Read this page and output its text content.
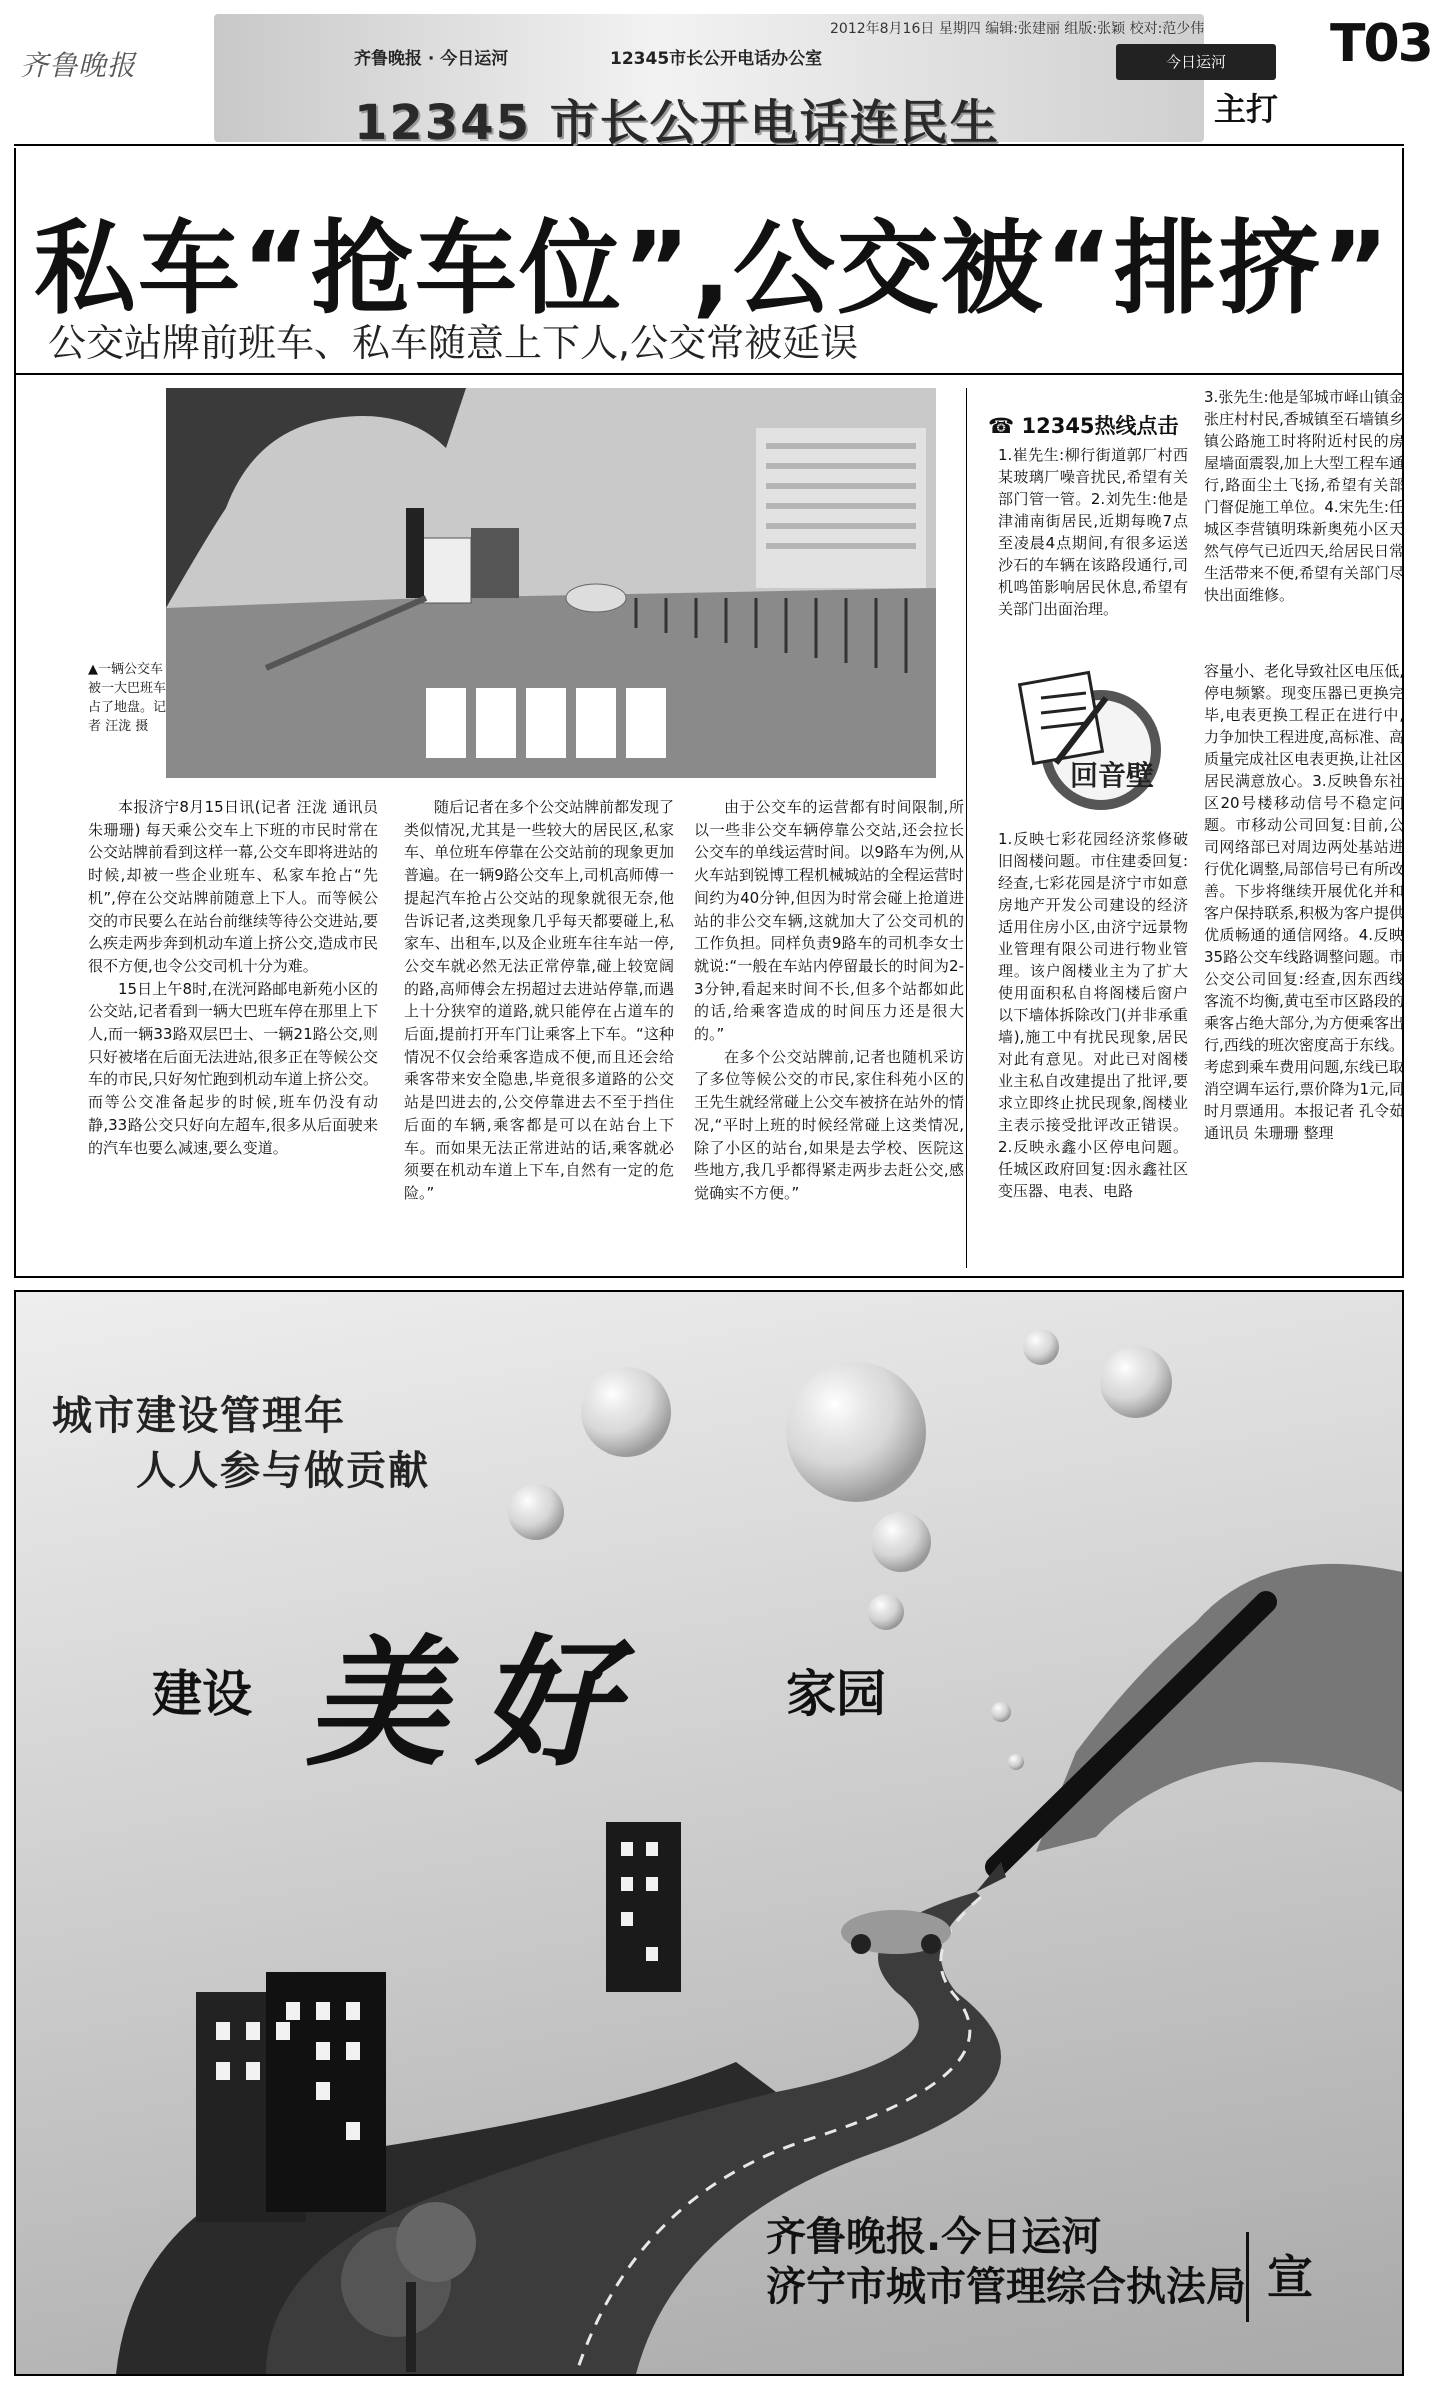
齐鲁晚报	齐鲁晚报 · 今日运河	12345市长公开电话办公室
12345 市长公开电话连民生
2012年8月16日 星期四 编辑:张建丽 组版:张颖 校对:范少伟
今日运河
主打
T03
私车“抢车位”,公交被“排挤”
公交站牌前班车、私车随意上下人,公交常被延误
▲一辆公交车被一大巴班车占了地盘。记者 汪泷 摄

本报济宁8月15日讯(记者 汪泷 通讯员 朱珊珊) 每天乘公交车上下班的市民时常在公交站牌前看到这样一幕,公交车即将进站的时候,却被一些企业班车、私家车抢占“先机”,停在公交站牌前随意上下人。而等候公交的市民要么在站台前继续等待公交进站,要么疾走两步奔到机动车道上挤公交,造成市民很不方便,也令公交司机十分为难。

15日上午8时,在洸河路邮电新苑小区的公交站,记者看到一辆大巴班车停在那里上下人,而一辆33路双层巴士、一辆21路公交,则只好被堵在后面无法进站,很多正在等候公交车的市民,只好匆忙跑到机动车道上挤公交。而等公交准备起步的时候,班车仍没有动静,33路公交只好向左超车,很多从后面驶来的汽车也要么减速,要么变道。

随后记者在多个公交站牌前都发现了类似情况,尤其是一些较大的居民区,私家车、单位班车停靠在公交站前的现象更加普遍。在一辆9路公交车上,司机高师傅一提起汽车抢占公交站的现象就很无奈,他告诉记者,这类现象几乎每天都要碰上,私家车、出租车,以及企业班车往车站一停,公交车就必然无法正常停靠,碰上较宽阔的路,高师傅会左拐超过去进站停靠,而遇上十分狭窄的道路,就只能停在占道车的后面,提前打开车门让乘客上下车。“这种情况不仅会给乘客造成不便,而且还会给乘客带来安全隐患,毕竟很多道路的公交站是凹进去的,公交停靠进去不至于挡住后面的车辆,乘客都是可以在站台上下车。而如果无法正常进站的话,乘客就必须要在机动车道上下车,自然有一定的危险。”

由于公交车的运营都有时间限制,所以一些非公交车辆停靠公交站,还会拉长公交车的单线运营时间。以9路车为例,从火车站到锐博工程机械城站的全程运营时间约为40分钟,但因为时常会碰上抢道进站的非公交车辆,这就加大了公交司机的工作负担。同样负责9路车的司机李女士就说:“一般在车站内停留最长的时间为2-3分钟,看起来时间不长,但多个站都如此的话,给乘客造成的时间压力还是很大的。”

在多个公交站牌前,记者也随机采访了多位等候公交的市民,家住科苑小区的王先生就经常碰上公交车被挤在站外的情况,“平时上班的时候经常碰上这类情况,除了小区的站台,如果是去学校、医院这些地方,我几乎都得紧走两步去赶公交,感觉确实不方便。”

☎ 12345热线点击
1.崔先生:柳行街道郭厂村西某玻璃厂噪音扰民,希望有关部门管一管。2.刘先生:他是津浦南街居民,近期每晚7点至凌晨4点期间,有很多运送沙石的车辆在该路段通行,司机鸣笛影响居民休息,希望有关部门出面治理。
3.张先生:他是邹城市峄山镇金张庄村村民,香城镇至石墙镇乡镇公路施工时将附近村民的房屋墙面震裂,加上大型工程车通行,路面尘土飞扬,希望有关部门督促施工单位。4.宋先生:任城区李营镇明珠新奥苑小区天然气停气已近四天,给居民日常生活带来不便,希望有关部门尽快出面维修。
容量小、老化导致社区电压低,停电频繁。现变压器已更换完毕,电表更换工程正在进行中,力争加快工程进度,高标准、高质量完成社区电表更换,让社区居民满意放心。3.反映鲁东社区20号楼移动信号不稳定问题。市移动公司回复:目前,公司网络部已对周边两处基站进行优化调整,局部信号已有所改善。下步将继续开展优化并和客户保持联系,积极为客户提供优质畅通的通信网络。4.反映35路公交车线路调整问题。市公交公司回复:经查,因东西线客流不均衡,黄屯至市区路段的乘客占绝大部分,为方便乘客出行,西线的班次密度高于东线。考虑到乘车费用问题,东线已取消空调车运行,票价降为1元,同时月票通用。本报记者 孔令茹 通讯员 朱珊珊 整理
1.反映七彩花园经济浆修破旧阁楼问题。市住建委回复:经查,七彩花园是济宁市如意房地产开发公司建设的经济适用住房小区,由济宁远景物业管理有限公司进行物业管理。该户阁楼业主为了扩大使用面积私自将阁楼后窗户以下墙体拆除改门(并非承重墙),施工中有扰民现象,居民对此有意见。对此已对阁楼业主私自改建提出了批评,要求立即终止扰民现象,阁楼业主表示接受批评改正错误。2.反映永鑫小区停电问题。任城区政府回复:因永鑫社区变压器、电表、电路
回音壁
城市建设管理年
人人参与做贡献
建设 美好	家园
齐鲁晚报.今日运河
济宁市城市管理综合执法局 宣
